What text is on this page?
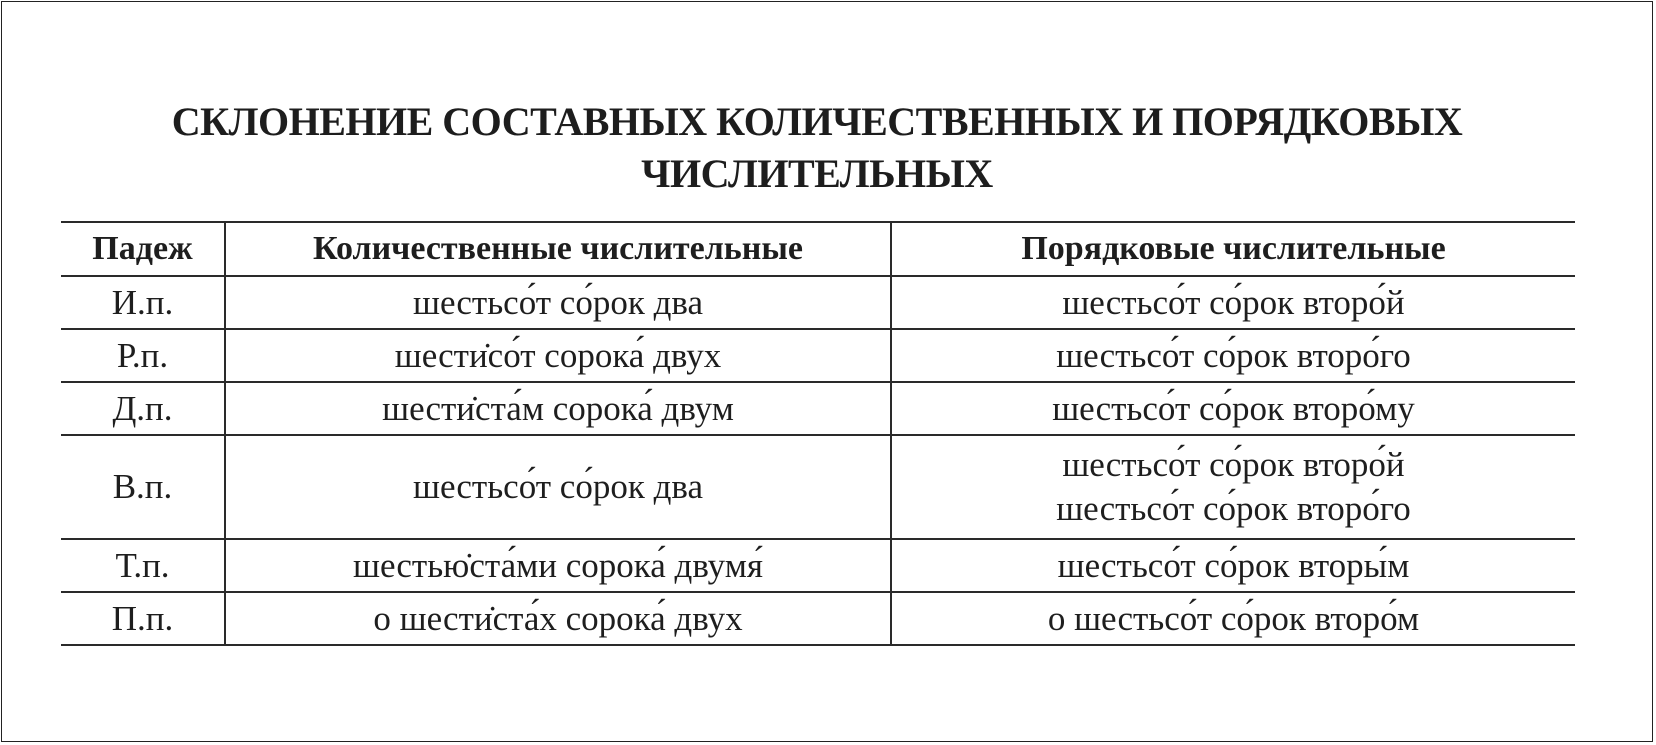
СКЛОНЕНИЕ СОСТАВНЫХ КОЛИЧЕСТВЕННЫХ И ПОРЯДКОВЫХ
ЧИСЛИТЕЛЬНЫХ
Падеж	Количественные числительные	Порядковые числительные
И.п.	шестьсо́т со́рок два	шестьсо́т со́рок второ́й

Р.п.	шести̇со́т сорока́ двух	шестьсо́т со́рок второ́го

Д.п.	шести̇ста́м сорока́ двум	шестьсо́т со́рок второ́му

В.п.	шестьсо́т со́рок два	шестьсо́т со́рок второ́й
шестьсо́т со́рок второ́го

Т.п.	шестью̇ста́ми сорока́ двумя́	шестьсо́т со́рок вторы́м

П.п.	о шести̇ста́х сорока́ двух	о шестьсо́т со́рок второ́м
